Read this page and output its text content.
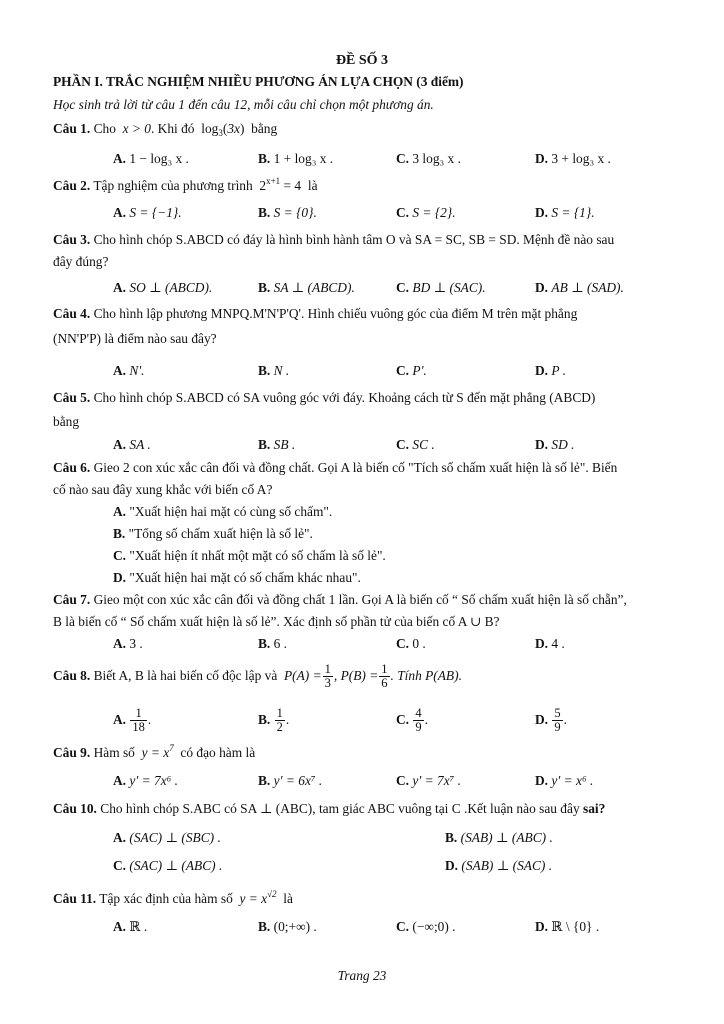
ĐỀ SỐ 3
PHẦN I. TRẮC NGHIỆM NHIỀU PHƯƠNG ÁN LỰA CHỌN (3 điểm)
Học sinh trả lời từ câu 1 đến câu 12, mỗi câu chỉ chọn một phương án.
Câu 1. Cho  x > 0. Khi đó  $\log_3(3x)$  bằng
A. 1 − log₃ x .	B. 1 + log₃ x .	C. 3 log₃ x .	D. 3 + log₃ x .
Câu 2. Tập nghiệm của phương trình  $2^{x+1} = 4$  là
A. S = {−1}.	B. S = {0}.	C. S = {2}.	D. S = {1}.
Câu 3. Cho hình chóp S.ABCD có đáy là hình bình hành tâm O và SA = SC, SB = SD. Mệnh đề nào sau
đây đúng?
A. SO ⊥ (ABCD).	B. SA ⊥ (ABCD).	C. BD ⊥ (SAC).	D. AB ⊥ (SAD).
Câu 4. Cho hình lập phương MNPQ.M'N'P'Q'. Hình chiếu vuông góc của điểm M trên mặt phẳng
(NN'P'P) là điểm nào sau đây?
A. N'.	B. N .	C. P'.	D. P .
Câu 5. Cho hình chóp S.ABCD có SA vuông góc với đáy. Khoảng cách từ S đến mặt phẳng (ABCD)
bằng
A. SA .	B. SB .	C. SC .	D. SD .
Câu 6. Gieo 2 con xúc xắc cân đối và đồng chất. Gọi A là biến cố "Tích số chấm xuất hiện là số lẻ". Biến
cố nào sau đây xung khắc với biến cố A?
A. "Xuất hiện hai mặt có cùng số chấm".
B. "Tổng số chấm xuất hiện là số lẻ".
C. "Xuất hiện ít nhất một mặt có số chấm là số lẻ".
D. "Xuất hiện hai mặt có số chấm khác nhau".
Câu 7. Gieo một con xúc xắc cân đối và đồng chất 1 lần. Gọi A là biến cố “ Số chấm xuất hiện là số chẵn”,
B là biến cố “ Số chấm xuất hiện là số lẻ”. Xác định số phần tử của biến cố A ∪ B?
A. 3 .	B. 6 .	C. 0 .	D. 4 .
Câu 8. Biết A, B là hai biến cố độc lập và  $P(A) = \frac{1}{3}$ , $P(B) = \frac{1}{6}$ . Tính P(AB).
A. $\frac{1}{18}$ .	B. $\frac{1}{2}$ .	C. $\frac{4}{9}$ .	D. $\frac{5}{9}$ .
Câu 9. Hàm số  $y = x^7$ có đạo hàm là
A. y′ = 7x⁶ .	B. y′ = 6x⁷ .	C. y′ = 7x⁷ .	D. y′ = x⁶ .
Câu 10. Cho hình chóp S.ABC có SA ⊥ (ABC), tam giác ABC vuông tại C .Kết luận nào sau đây sai?
A. (SAC) ⊥ (SBC) .	B. (SAB) ⊥ (ABC) .
C. (SAC) ⊥ (ABC) .	D. (SAB) ⊥ (SAC) .
Câu 11. Tập xác định của hàm số  $y = x^{√2}$ là
A. ℝ .	B. (0;+∞) .	C. (−∞;0) .	D. ℝ \ {0} .
Trang 23
